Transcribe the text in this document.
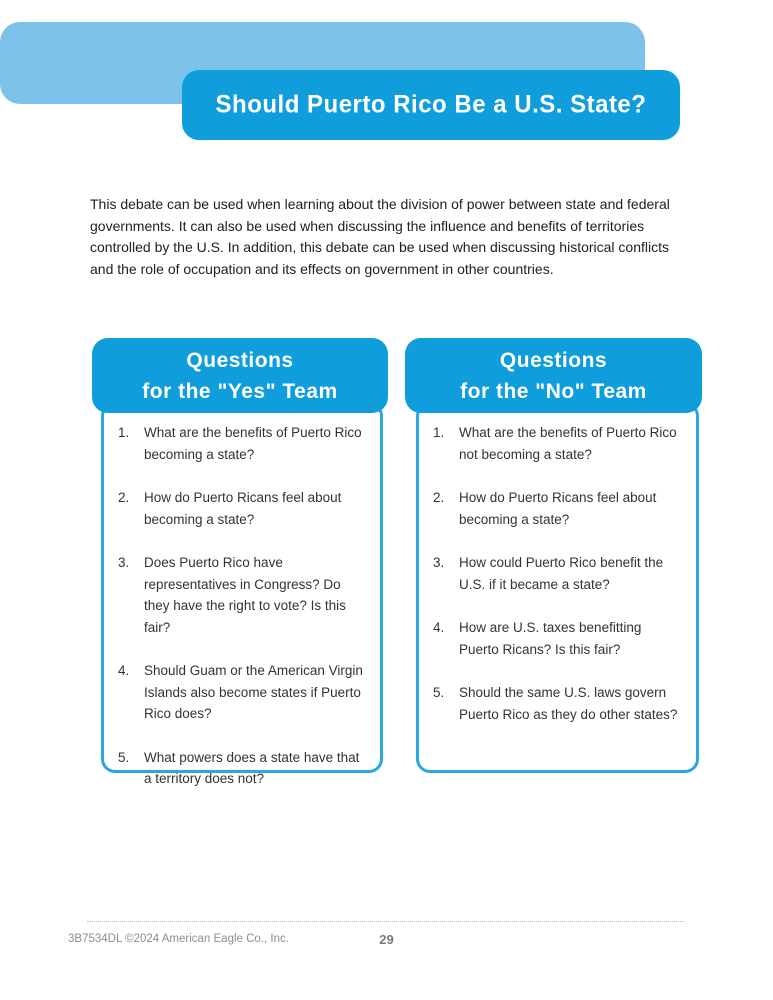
Should Puerto Rico Be a U.S. State?

This debate can be used when learning about the division of power between state and federal governments. It can also be used when discussing the influence and benefits of territories controlled by the U.S. In addition, this debate can be used when discussing historical conflicts and the role of occupation and its effects on government in other countries.

Questions
for the "Yes" Team
What are the benefits of Puerto Rico becoming a state?
How do Puerto Ricans feel about becoming a state?
Does Puerto Rico have representatives in Congress? Do they have the right to vote? Is this fair?
Should Guam or the American Virgin Islands also become states if Puerto Rico does?
What powers does a state have that a territory does not?
Questions
for the "No" Team
What are the benefits of Puerto Rico not becoming a state?
How do Puerto Ricans feel about becoming a state?
How could Puerto Rico benefit the U.S. if it became a state?
How are U.S. taxes benefitting Puerto Ricans? Is this fair?
Should the same U.S. laws govern Puerto Rico as they do other states?
3B7534DL ©2024 American Eagle Co., Inc.	29
